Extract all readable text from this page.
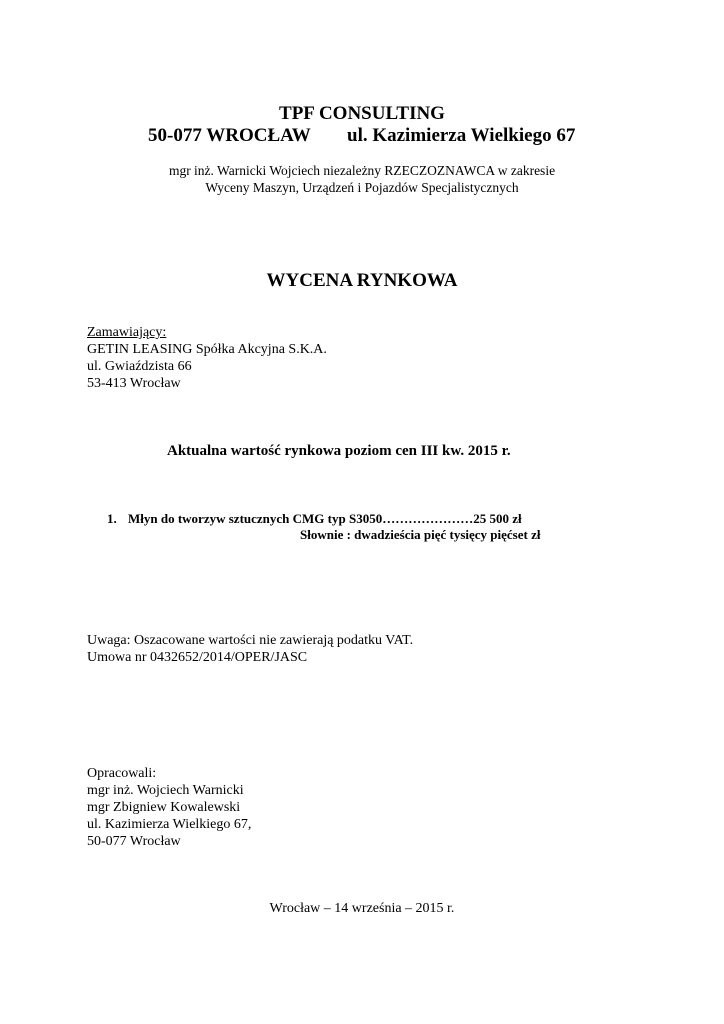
TPF CONSULTING
50-077 WROCŁAW ul. Kazimierza Wielkiego 67
mgr inż. Warnicki Wojciech niezależny RZECZOZNAWCA w zakresie
Wyceny Maszyn, Urządzeń i Pojazdów Specjalistycznych
WYCENA RYNKOWA
Zamawiający:
GETIN LEASING Spółka Akcyjna S.K.A.
ul. Gwiaździsta 66
53-413 Wrocław
Aktualna wartość rynkowa poziom cen III kw. 2015 r.
1. Młyn do tworzyw sztucznych CMG typ S3050…………………25 500 zł
Słownie : dwadzieścia pięć tysięcy pięćset zł
Uwaga: Oszacowane wartości nie zawierają podatku VAT.
Umowa nr 0432652/2014/OPER/JASC
Opracowali:
mgr inż. Wojciech Warnicki
mgr Zbigniew Kowalewski
ul. Kazimierza Wielkiego 67,
50-077 Wrocław
Wrocław – 14 września – 2015 r.
